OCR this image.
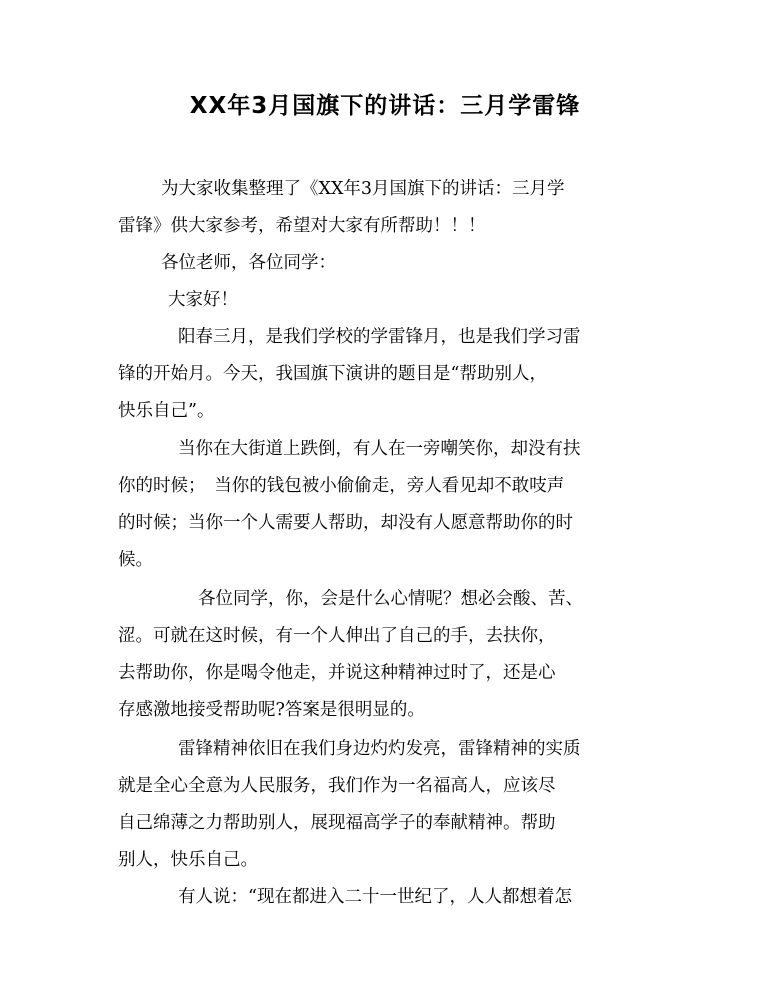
XX年3月国旗下的讲话：三月学雷锋
为大家收集整理了《XX年3月国旗下的讲话：三月学
雷锋》供大家参考，希望对大家有所帮助！！！
各位老师，各位同学：
大家好！
阳春三月，是我们学校的学雷锋月，也是我们学习雷
锋的开始月。今天，我国旗下演讲的题目是“帮助别人，
快乐自己”。
当你在大街道上跌倒，有人在一旁嘲笑你，却没有扶
你的时候；　当你的钱包被小偷偷走，旁人看见却不敢吱声
的时候；当你一个人需要人帮助，却没有人愿意帮助你的时
候。
各位同学，你，会是什么心情呢？想必会酸、苦、
涩。可就在这时候，有一个人伸出了自己的手，去扶你，
去帮助你，你是喝令他走，并说这种精神过时了，还是心
存感激地接受帮助呢?答案是很明显的。
雷锋精神依旧在我们身边灼灼发亮，雷锋精神的实质
就是全心全意为人民服务，我们作为一名福高人，应该尽
自己绵薄之力帮助别人，展现福高学子的奉献精神。帮助
别人，快乐自己。
有人说：“现在都进入二十一世纪了，人人都想着怎
